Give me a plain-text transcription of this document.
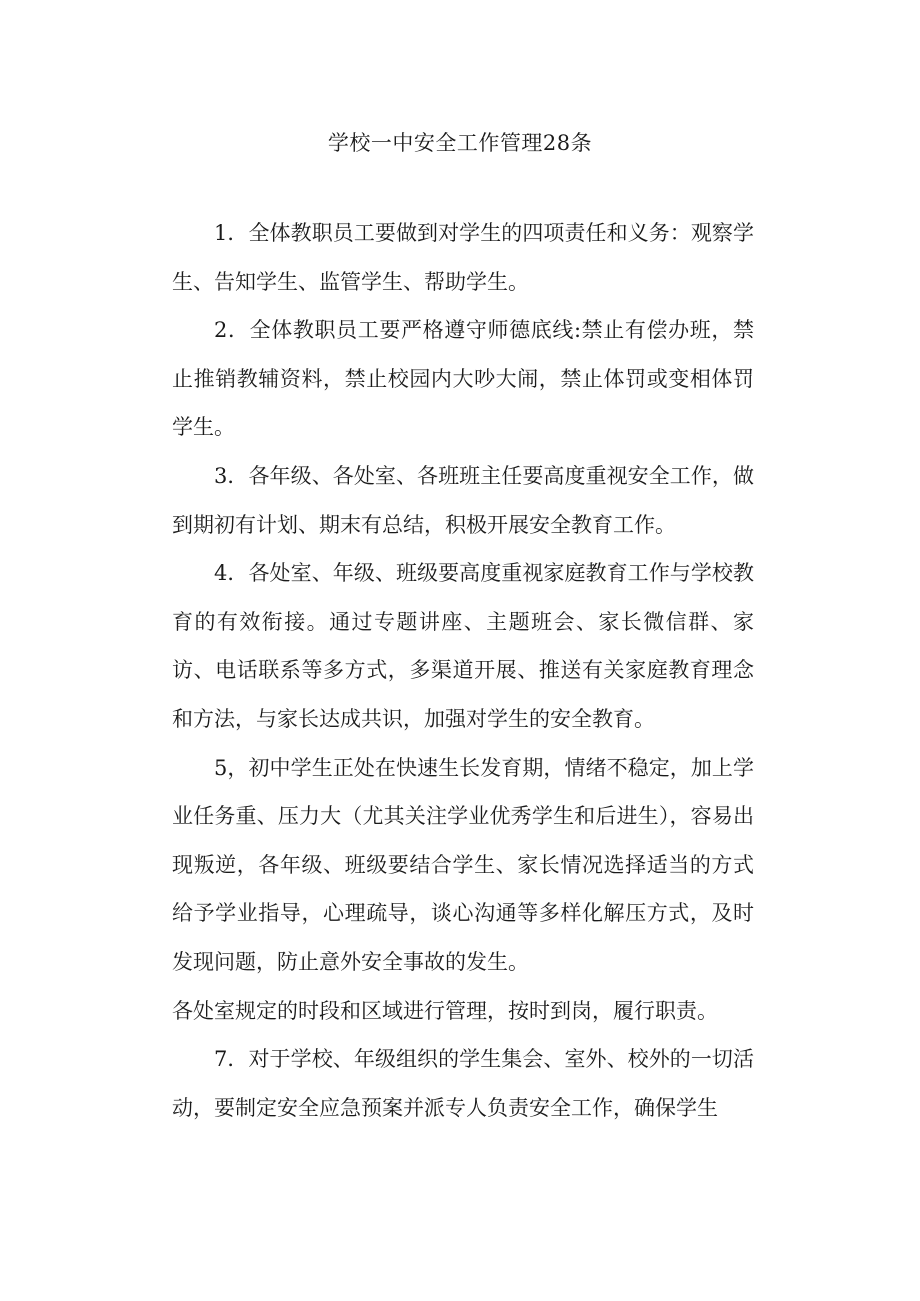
学校一中安全工作管理28条

1．全体教职员工要做到对学生的四项责任和义务：观察学生、告知学生、监管学生、帮助学生。

2．全体教职员工要严格遵守师德底线:禁止有偿办班，禁止推销教辅资料，禁止校园内大吵大闹，禁止体罚或变相体罚学生。

3．各年级、各处室、各班班主任要高度重视安全工作，做到期初有计划、期末有总结，积极开展安全教育工作。

4．各处室、年级、班级要高度重视家庭教育工作与学校教育的有效衔接。通过专题讲座、主题班会、家长微信群、家访、电话联系等多方式，多渠道开展、推送有关家庭教育理念和方法，与家长达成共识，加强对学生的安全教育。

5，初中学生正处在快速生长发育期，情绪不稳定，加上学业任务重、压力大（尤其关注学业优秀学生和后进生），容易出现叛逆，各年级、班级要结合学生、家长情况选择适当的方式给予学业指导，心理疏导，谈心沟通等多样化解压方式，及时发现问题，防止意外安全事故的发生。

各处室规定的时段和区域进行管理，按时到岗，履行职责。

7．对于学校、年级组织的学生集会、室外、校外的一切活动，要制定安全应急预案并派专人负责安全工作，确保学生
